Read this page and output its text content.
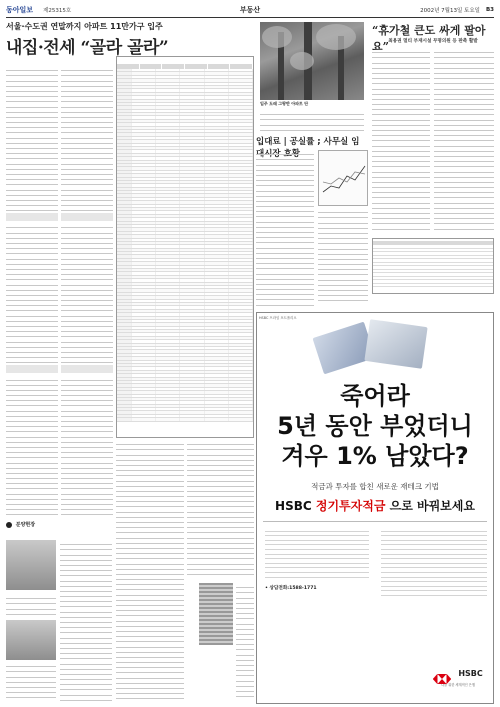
동아일보 제25315호	부동산	2002년 7월13일 토요일 B3
서울·수도권 연말까지 아파트 11만가구 입주
내집·전세 “골라 골라”
입주 도래 그랑반 아파트 단
입대료 | 공실률 ; 사무실 임대시장 호황
“휴가철 큰도 싸게 팔아요” 최용권 멀티 부재시설 무명의원 등 판촉 활발
HSBC 프라임 포트폴리오
죽어라
5년 동안 부었더니
겨우 1% 남았다?
적금과 투자를 합친 새로운 재테크 기법
HSBC 정기투자적금 으로 바꿔보세요
• 상담전화:1588-1771
HSBC
나를 위한 세계적인 은행
분양현장
